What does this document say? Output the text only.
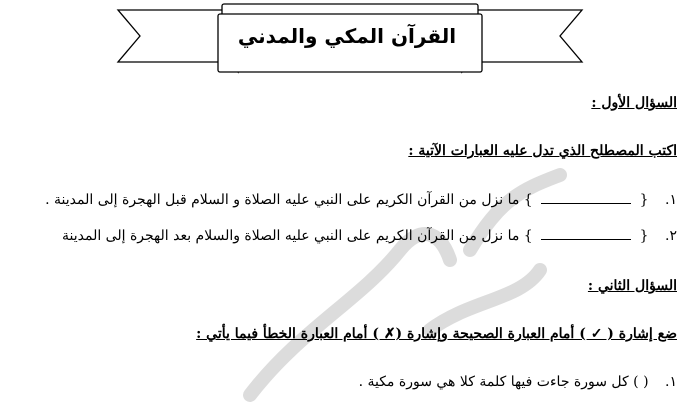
القرآن المكي والمدني
السؤال الأول :
اكتب المصطلح الذي تدل عليه العبارات الآتية :
١. {  } ما نزل من القرآن الكريم على النبي عليه الصلاة و السلام قبل الهجرة إلى المدينة .
٢. {  } ما نزل من القرآن الكريم على النبي عليه الصلاة والسلام بعد الهجرة إلى المدينة
السؤال الثاني :
ضع إشارة ( ✓ ) أمام العبارة الصحيحة وإشارة (✗ ) أمام العبارة الخطأ فيما يأتي :
١. ( ) كل سورة جاءت فيها كلمة كلا هي سورة مكية .
